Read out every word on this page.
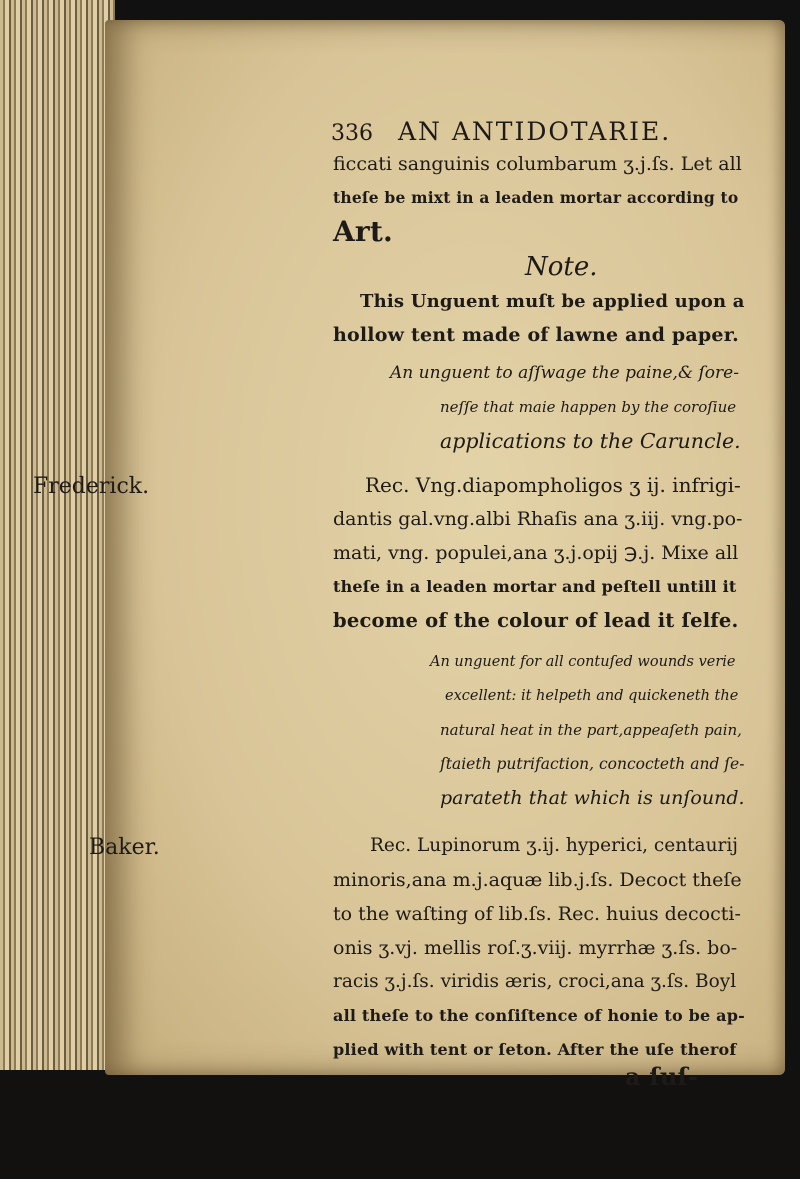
336 AN ANTIDOTARIE.
ficcati sanguinis columbarum ʒ.j.ſs. Let all
theſe be mixt in a leaden mortar according to
Art.
Note.
This Unguent muſt be applied upon a
hollow tent made of lawne and paper.
An unguent to aſſwage the paine,& ſore-
neſſe that maie happen by the coroſiue
applications to the Caruncle.
Frederick.	Rec. Vng.diapompholigos ʒ ij. infrigi-
dantis gal.vng.albi Rhaſis ana ʒ.iij. vng.po-
mati, vng. populei,ana ʒ.j.opij ℈.j. Mixe all
theſe in a leaden mortar and peſtell untill it
become of the colour of lead it ſelfe.
An unguent for all contuſed wounds verie
excellent: it helpeth and quickeneth the
natural heat in the part,appeaſeth pain,
ſtaieth putrifaction, concocteth and ſe-
parateth that which is unſound.
Baker.	Rec. Lupinorum ʒ.ij. hyperici, centaurij
minoris,ana m.j.aquæ lib.j.ſs. Decoct theſe
to the waſting of lib.ſs. Rec. huius decocti-
onis ʒ.vj. mellis roſ.ʒ.viij. myrrhæ ʒ.ſs. bo-
racis ʒ.j.ſs. viridis æris, croci,ana ʒ.ſs. Boyl
all theſe to the conſiſtence of honie to be ap-
plied with tent or ſeton. After the uſe therof
a ſuſ-
